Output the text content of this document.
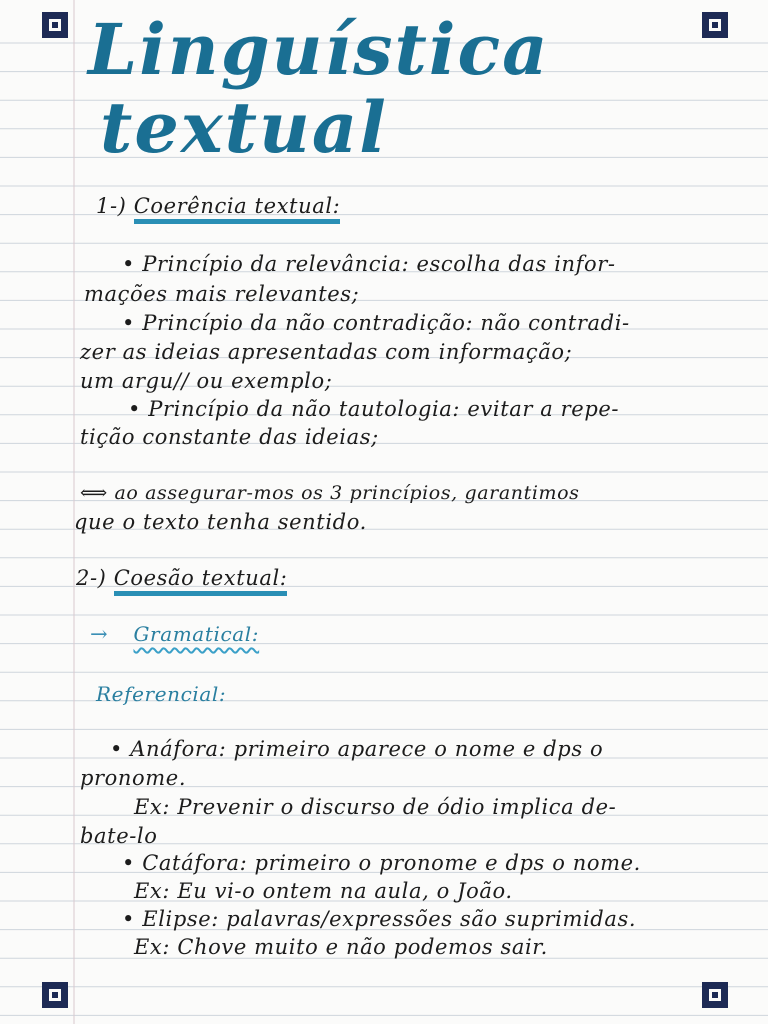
Linguística
textual
1-) Coerência textual:
• Princípio da relevância: escolha das infor-
mações mais relevantes;
• Princípio da não contradição: não contradi-
zer as ideias apresentadas com informação;
um argu// ou exemplo;
• Princípio da não tautologia: evitar a repe-
tição constante das ideias;
⟺ ao assegurar-mos os 3 princípios, garantimos
que o texto tenha sentido.
2-) Coesão textual:
→ Gramatical:
Referencial:
• Anáfora: primeiro aparece o nome e dps o
pronome.
Ex: Prevenir o discurso de ódio implica de-
bate-lo
• Catáfora: primeiro o pronome e dps o nome.
Ex: Eu vi-o ontem na aula, o João.
• Elipse: palavras/expressões são suprimidas.
Ex: Chove muito e não podemos sair.
